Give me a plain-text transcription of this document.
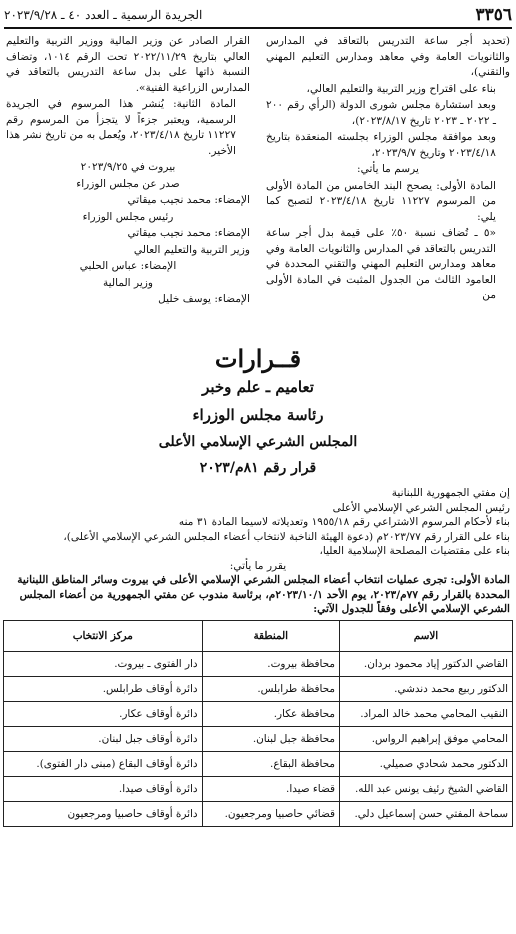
٣٣٥٦
الجريدة الرسمية ـ العدد ٤٠ ـ ٢٠٢٣/٩/٢٨

(تحديد أجر ساعة التدريس بالتعاقد في المدارس والثانويات العامة وفي معاهد ومدارس التعليم المهني والتقني)،

بناء على اقتراح وزير التربية والتعليم العالي،

وبعد استشارة مجلس شورى الدولة (الرأي رقم ٢٠٠ ـ ٢٠٢٢ ـ ٢٠٢٣ تاريخ ٢٠٢٣/٨/١٧)،

وبعد موافقة مجلس الوزراء بجلسته المنعقدة بتاريخ ٢٠٢٣/٤/١٨ وتاريخ ٢٠٢٣/٩/٧،

يرسم ما يأتي:

المادة الأولى: يصحح البند الخامس من المادة الأولى من المرسوم ١١٢٢٧ تاريخ ٢٠٢٣/٤/١٨ لتصبح كما يلي:

«٥ ـ تُضاف نسبة ٥٠٪ على قيمة بدل أجر ساعة التدريس بالتعاقد في المدارس والثانويات العامة وفي معاهد ومدارس التعليم المهني والتقني المحددة في العامود الثالث من الجدول المثبت في المادة الأولى من

القرار الصادر عن وزير المالية ووزير التربية والتعليم العالي بتاريخ ٢٠٢٢/١١/٢٩ تحت الرقم ١٠١٤، وتضاف النسبة ذاتها على بدل ساعة التدريس بالتعاقد في المدارس الزراعية الفنية».

المادة الثانية: يُنشر هذا المرسوم في الجريدة الرسمية، ويعتبر جزءاً لا يتجزأ من المرسوم رقم ١١٢٢٧ تاريخ ٢٠٢٣/٤/١٨، ويُعمل به من تاريخ نشر هذا الأخير.

بيروت في ٢٠٢٣/٩/٢٥

صدر عن مجلس الوزراء

الإمضاء: محمد نجيب ميقاتي

رئيس مجلس الوزراء

الإمضاء: محمد نجيب ميقاتي

وزير التربية والتعليم العالي

الإمضاء: عباس الحلبي

وزير المالية

الإمضاء: يوسف خليل

قــرارات
تعاميم ـ علم وخبر
رئاسة مجلس الوزراء
المجلس الشرعي الإسلامي الأعلى
قرار رقم ٨١م/٢٠٢٣

إن مفتي الجمهورية اللبنانية

رئيس المجلس الشرعي الإسلامي الأعلى

بناء لأحكام المرسوم الاشتراعي رقم ١٩٥٥/١٨ وتعديلاته لاسيما المادة ٣١ منه

بناء على القرار رقم ٢٠٢٣/٧٧م (دعوة الهيئة الناخبة لانتخاب أعضاء المجلس الشرعي الإسلامي الأعلى)،

بناء على مقتضيات المصلحة الإسلامية العليا،

يقرر ما يأتي:

المادة الأولى: تجرى عمليات انتخاب أعضاء المجلس الشرعي الإسلامي الأعلى في بيروت وسائر المناطق اللبنانية المحددة بالقرار رقم ٧٧م/٢٠٢٣، يوم الأحد ٢٠٢٣/١٠/١م، برئاسة مندوب عن مفتي الجمهورية من أعضاء المجلس الشرعي الإسلامي الأعلى وفقاً للجدول الآتي:

الاسم	المنطقة	مركز الانتخاب
القاضي الدكتور إياد محمود بردان.	محافظة بيروت.	دار الفتوى ـ بيروت.
الدكتور ربيع محمد دندشي.	محافظة طرابلس.	دائرة أوقاف طرابلس.
النقيب المحامي محمد خالد المراد.	محافظة عكار.	دائرة أوقاف عكار.
المحامي موفق إبراهيم الرواس.	محافظة جبل لبنان.	دائرة أوقاف جبل لبنان.
الدكتور محمد شحادي صميلي.	محافظة البقاع.	دائرة أوقاف البقاع (مبنى دار الفتوى).
القاضي الشيخ رئيف يونس عبد الله.	قضاء صيدا.	دائرة أوقاف صيدا.
سماحة المفتي حسن إسماعيل دلي.	قضائي حاصبيا ومرجعيون.	دائرة أوقاف حاصبيا ومرجعيون
